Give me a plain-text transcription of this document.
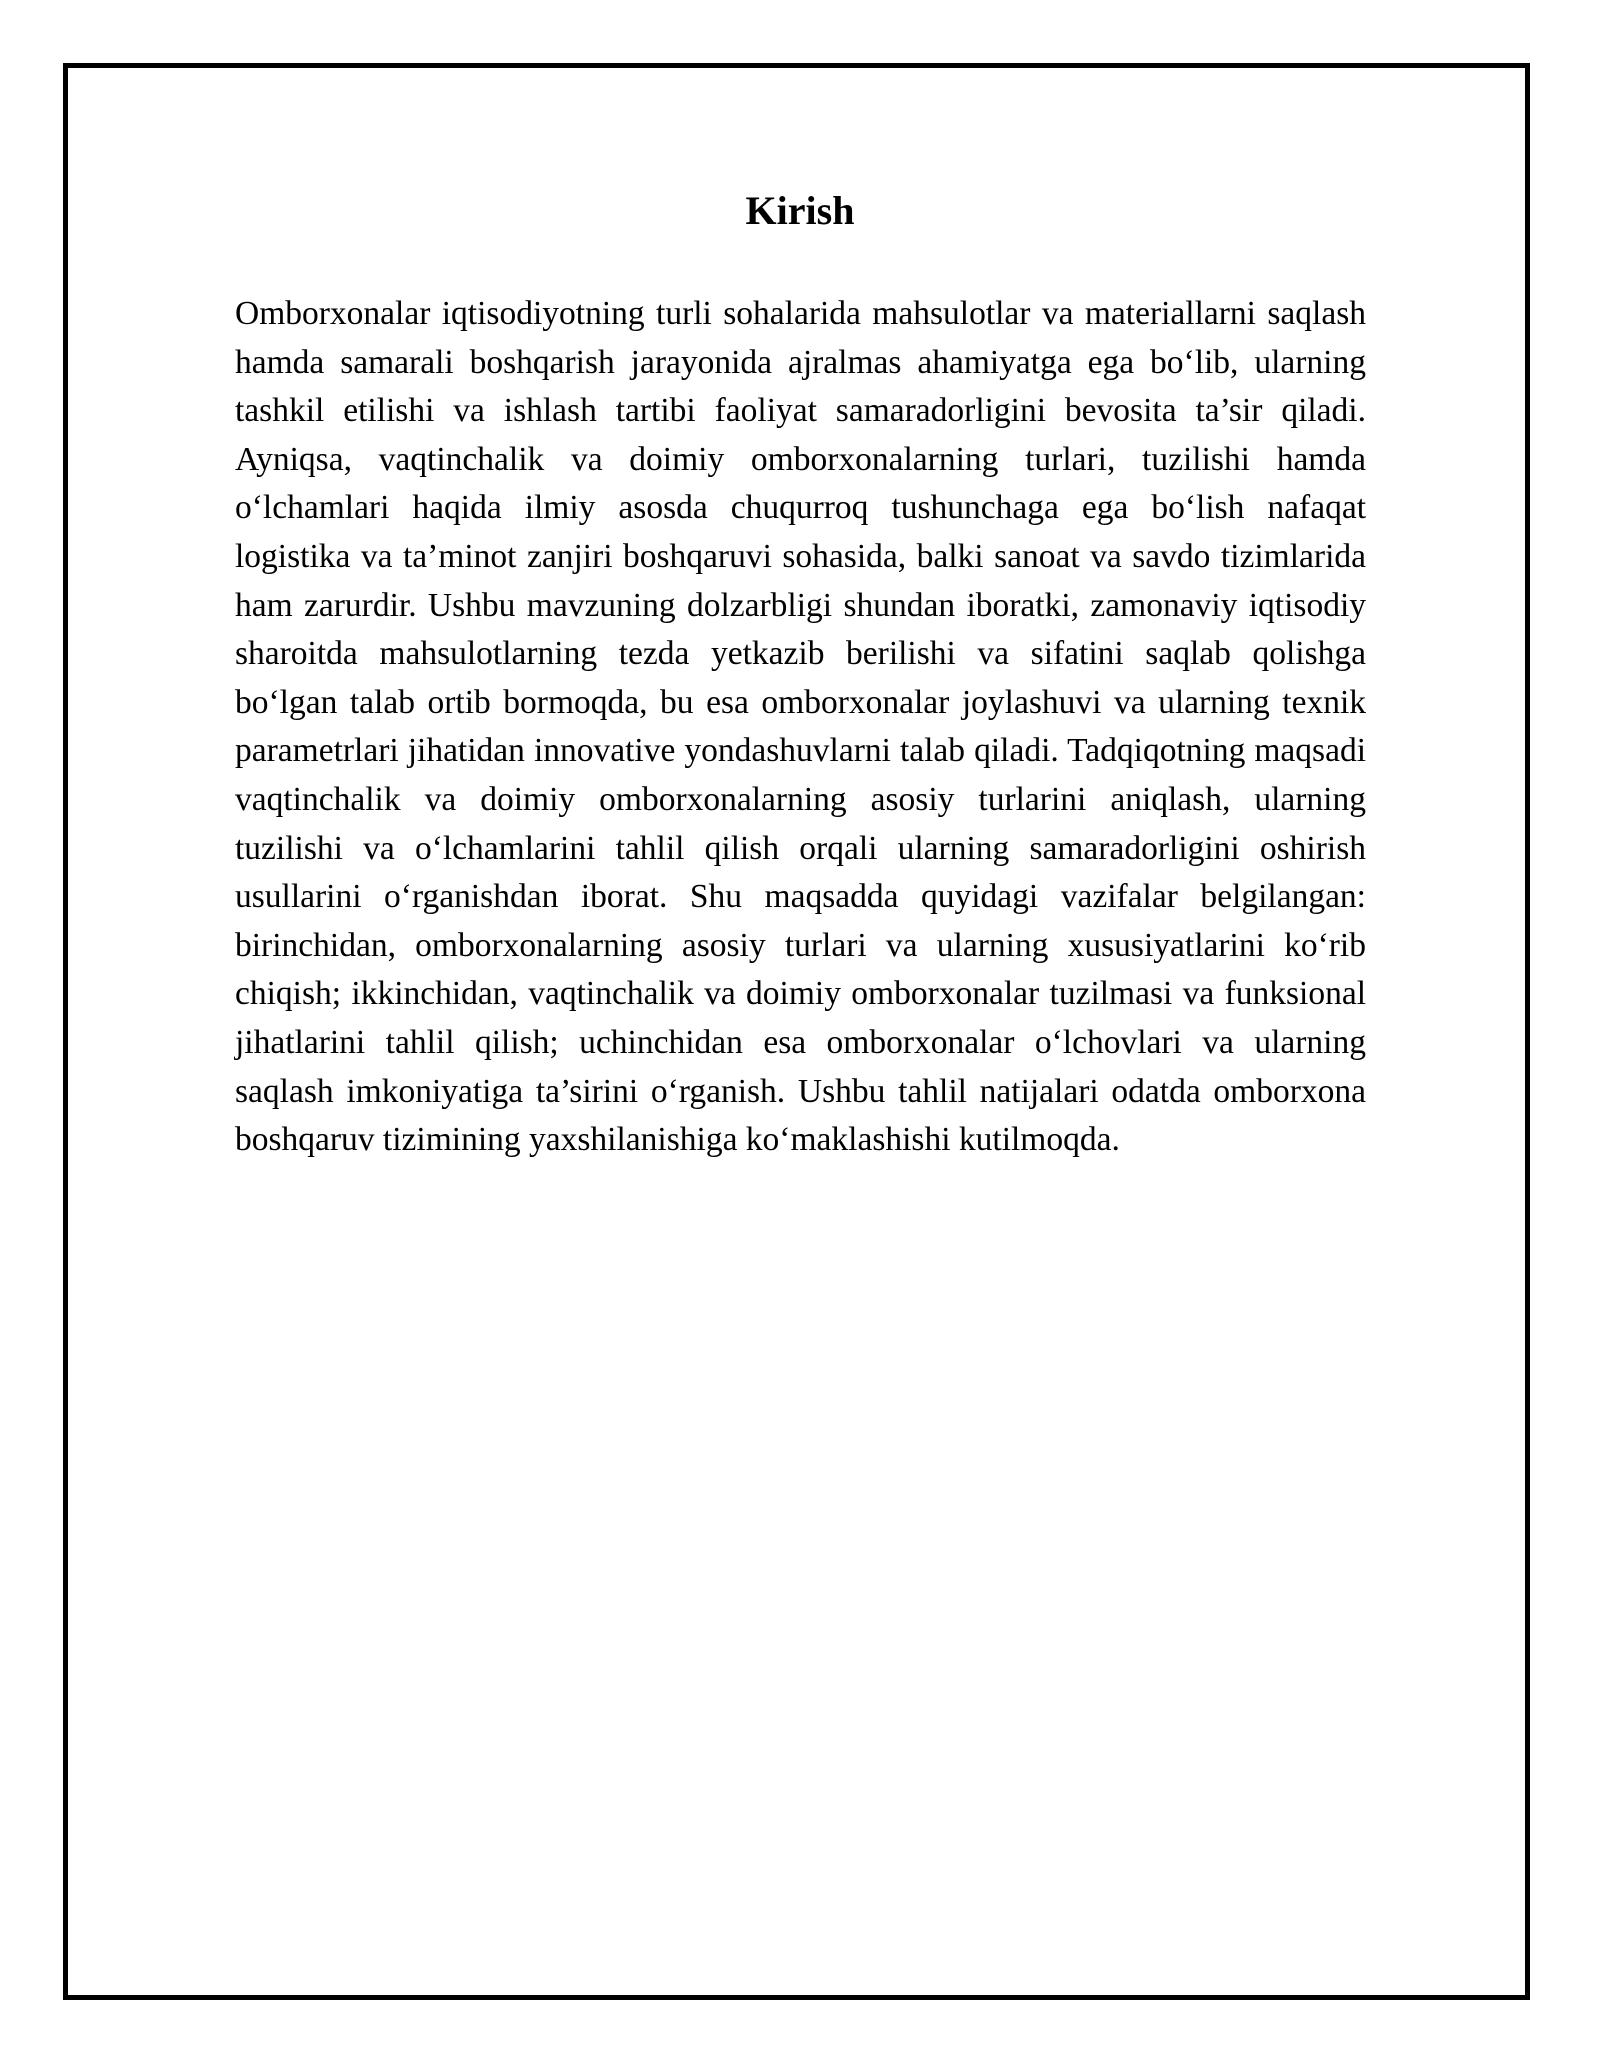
Kirish

Omborxonalar iqtisodiyotning turli sohalarida mahsulotlar va materiallarni saqlash hamda samarali boshqarish jarayonida ajralmas ahamiyatga ega bo‘lib, ularning tashkil etilishi va ishlash tartibi faoliyat samaradorligini bevosita ta’sir qiladi. Ayniqsa, vaqtinchalik va doimiy omborxonalarning turlari, tuzilishi hamda o‘lchamlari haqida ilmiy asosda chuqurroq tushunchaga ega bo‘lish nafaqat logistika va ta’minot zanjiri boshqaruvi sohasida, balki sanoat va savdo tizimlarida ham zarurdir. Ushbu mavzuning dolzarbligi shundan iboratki, zamonaviy iqtisodiy sharoitda mahsulotlarning tezda yetkazib berilishi va sifatini saqlab qolishga bo‘lgan talab ortib bormoqda, bu esa omborxonalar joylashuvi va ularning texnik parametrlari jihatidan innovative yondashuvlarni talab qiladi. Tadqiqotning maqsadi vaqtinchalik va doimiy omborxonalarning asosiy turlarini aniqlash, ularning tuzilishi va o‘lchamlarini tahlil qilish orqali ularning samaradorligini oshirish usullarini o‘rganishdan iborat. Shu maqsadda quyidagi vazifalar belgilangan: birinchidan, omborxonalarning asosiy turlari va ularning xususiyatlarini ko‘rib chiqish; ikkinchidan, vaqtinchalik va doimiy omborxonalar tuzilmasi va funksional jihatlarini tahlil qilish; uchinchidan esa omborxonalar o‘lchovlari va ularning saqlash imkoniyatiga ta’sirini o‘rganish. Ushbu tahlil natijalari odatda omborxona boshqaruv tizimining yaxshilanishiga ko‘maklashishi kutilmoqda.
